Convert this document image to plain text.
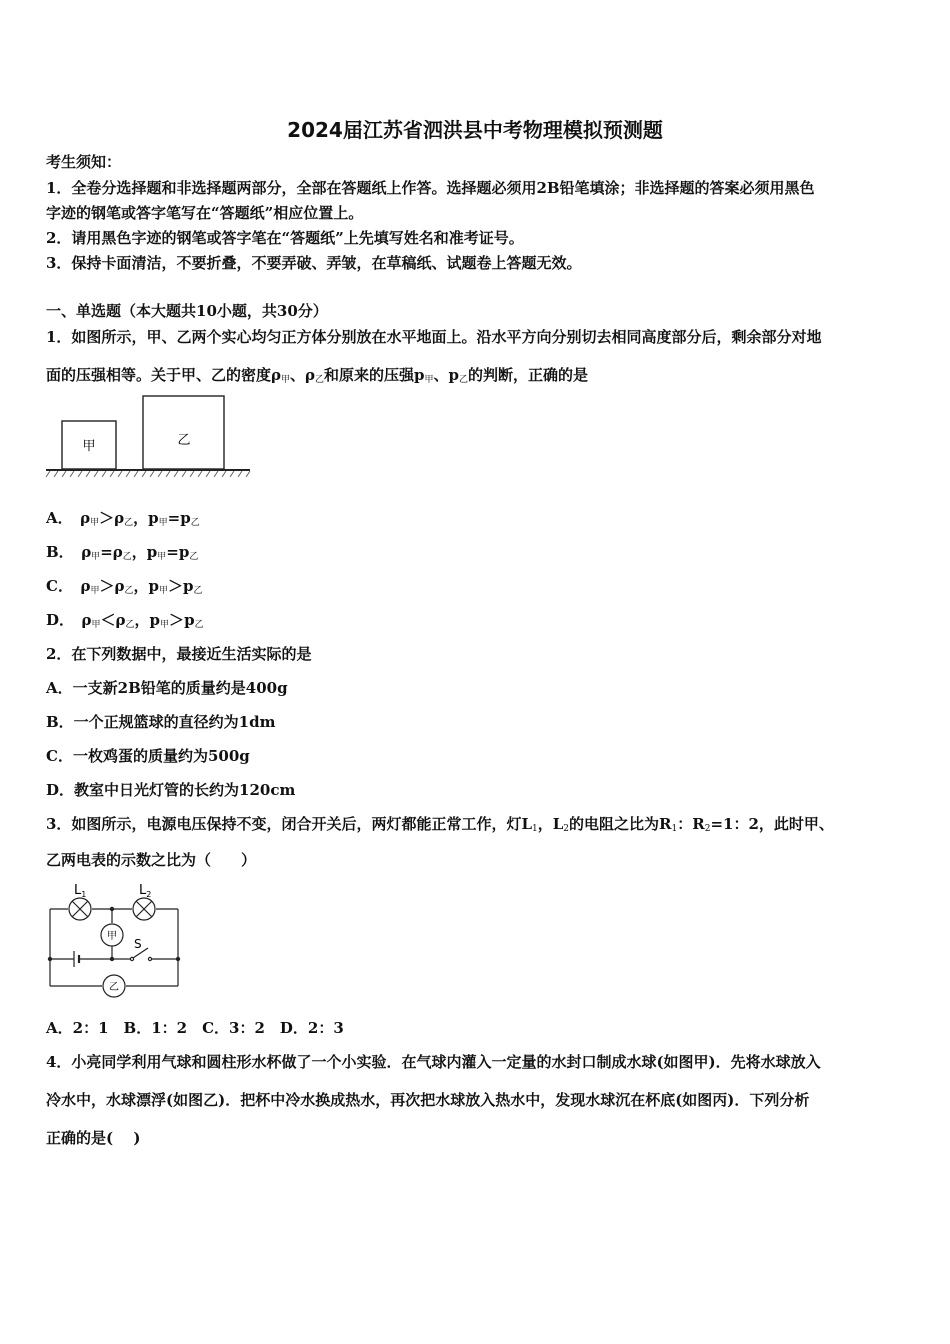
2024届江苏省泗洪县中考物理模拟预测题
考生须知：
1．全卷分选择题和非选择题两部分，全部在答题纸上作答。选择题必须用2B铅笔填涂；非选择题的答案必须用黑色
字迹的钢笔或答字笔写在“答题纸”相应位置上。
2．请用黑色字迹的钢笔或答字笔在“答题纸”上先填写姓名和准考证号。
3．保持卡面清洁，不要折叠，不要弄破、弄皱，在草稿纸、试题卷上答题无效。
一、单选题（本大题共10小题，共30分）
1．如图所示，甲、乙两个实心均匀正方体分别放在水平地面上。沿水平方向分别切去相同高度部分后，剩余部分对地
面的压强相等。关于甲、乙的密度$\rho_甲$、$\rho_乙$和原来的压强$p_甲$、$p_乙$的判断，正确的是
甲	乙
A．　$\rho_甲>\rho_乙$，$p_甲=p_乙$
B．　$\rho_甲=\rho_乙$，$p_甲=p_乙$
C．　$\rho_甲>\rho_乙$，$p_甲>p_乙$
D．　$\rho_甲<\rho_乙$，$p_甲>p_乙$
2．在下列数据中，最接近生活实际的是
A．一支新2B铅笔的质量约是400g
B．一个正规篮球的直径约为1dm
C．一枚鸡蛋的质量约为500g
D．教室中日光灯管的长约为120cm
3．如图所示，电源电压保持不变，闭合开关后，两灯都能正常工作，灯$L_1$，$L_2$的电阻之比为$R_1$：$R_2=1$：2，此时甲、
乙两电表的示数之比为（　　）
$L_1$	$L_2$
甲
乙
S
A．2：1　B．1：2　C．3：2　D．2：3
4．小亮同学利用气球和圆柱形水杯做了一个小实验．在气球内灌入一定量的水封口制成水球(如图甲)．先将水球放入
冷水中，水球漂浮(如图乙)．把杯中冷水换成热水，再次把水球放入热水中，发现水球沉在杯底(如图丙)．下列分析
正确的是(　 )
